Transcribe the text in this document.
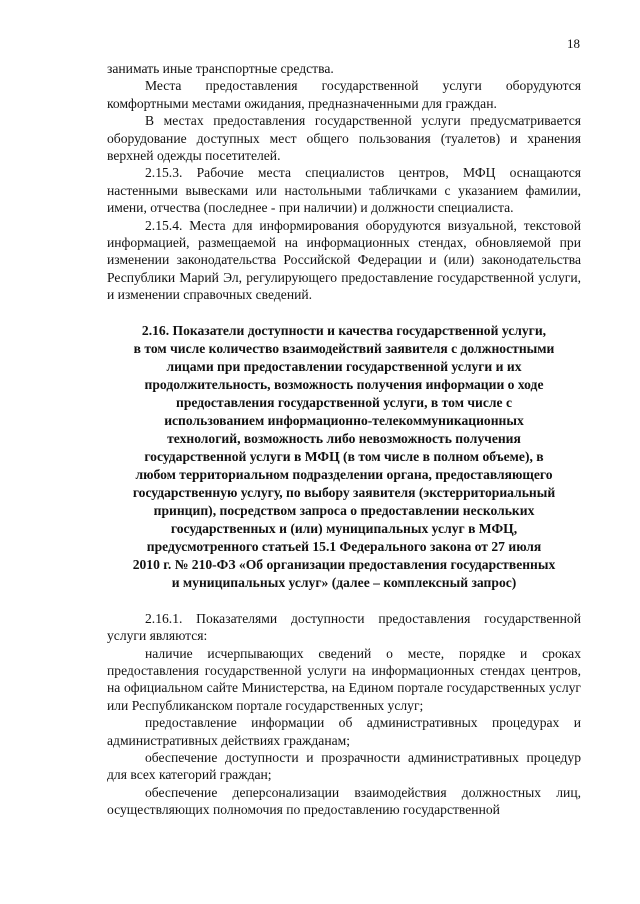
18

занимать иные транспортные средства.

Места предоставления государственной услуги оборудуются комфортными местами ожидания, предназначенными для граждан.

В местах предоставления государственной услуги предусматривается оборудование доступных мест общего пользования (туалетов) и хранения верхней одежды посетителей.

2.15.3. Рабочие места специалистов центров, МФЦ оснащаются настенными вывесками или настольными табличками с указанием фамилии, имени, отчества (последнее - при наличии) и должности специалиста.

2.15.4. Места для информирования оборудуются визуальной, текстовой информацией, размещаемой на информационных стендах, обновляемой при изменении законодательства Российской Федерации и (или) законодательства Республики Марий Эл, регулирующего предоставление государственной услуги, и изменении справочных сведений.

2.16. Показатели доступности и качества государственной услуги,
в том числе количество взаимодействий заявителя с должностными
лицами при предоставлении государственной услуги и их
продолжительность, возможность получения информации о ходе
предоставления государственной услуги, в том числе с
использованием информационно-телекоммуникационных
технологий, возможность либо невозможность получения
государственной услуги в МФЦ (в том числе в полном объеме), в
любом территориальном подразделении органа, предоставляющего
государственную услугу, по выбору заявителя (экстерриториальный
принцип), посредством запроса о предоставлении нескольких
государственных и (или) муниципальных услуг в МФЦ,
предусмотренного статьей 15.1 Федерального закона от 27 июля
2010 г. № 210-ФЗ «Об организации предоставления государственных
и муниципальных услуг» (далее – комплексный запрос)

2.16.1. Показателями доступности предоставления государственной услуги являются:

наличие исчерпывающих сведений о месте, порядке и сроках предоставления государственной услуги на информационных стендах центров, на официальном сайте Министерства, на Едином портале государственных услуг или Республиканском портале государственных услуг;

предоставление информации об административных процедурах и административных действиях гражданам;

обеспечение доступности и прозрачности административных процедур для всех категорий граждан;

обеспечение деперсонализации взаимодействия должностных лиц, осуществляющих полномочия по предоставлению государственной
